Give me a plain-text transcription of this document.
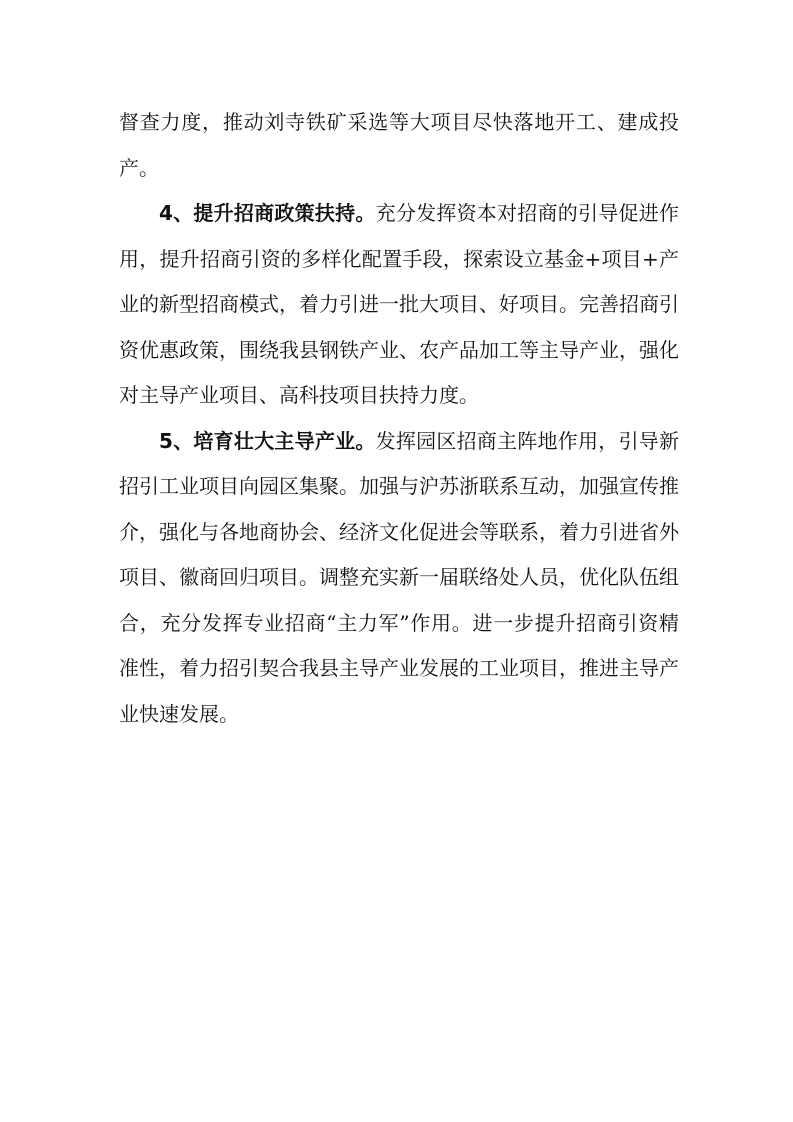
督查力度，推动刘寺铁矿采选等大项目尽快落地开工、建成投产。

4、提升招商政策扶持。充分发挥资本对招商的引导促进作用，提升招商引资的多样化配置手段，探索设立基金+项目+产业的新型招商模式，着力引进一批大项目、好项目。完善招商引资优惠政策，围绕我县钢铁产业、农产品加工等主导产业，强化对主导产业项目、高科技项目扶持力度。

5、培育壮大主导产业。发挥园区招商主阵地作用，引导新招引工业项目向园区集聚。加强与沪苏浙联系互动，加强宣传推介，强化与各地商协会、经济文化促进会等联系，着力引进省外项目、徽商回归项目。调整充实新一届联络处人员，优化队伍组合，充分发挥专业招商“主力军”作用。进一步提升招商引资精准性，着力招引契合我县主导产业发展的工业项目，推进主导产业快速发展。
